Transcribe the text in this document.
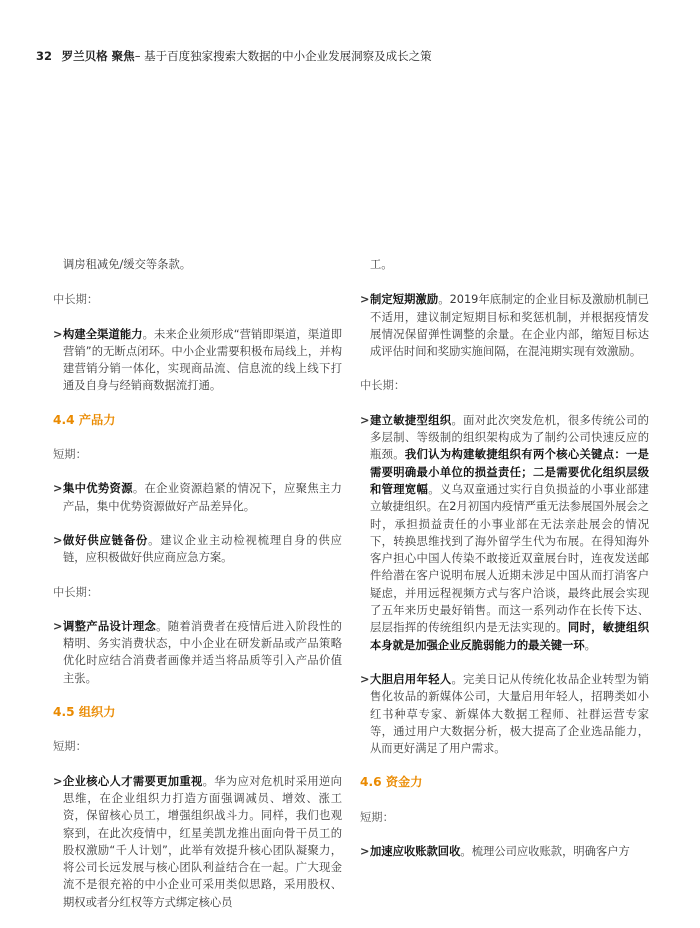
32 罗兰贝格 聚焦– 基于百度独家搜索大数据的中小企业发展洞察及成长之策

调房租减免/缓交等条款。

中长期：

> 构建全渠道能力。未来企业须形成“营销即渠道，渠道即营销”的无断点闭环。中小企业需要积极布局线上，并构建营销分销一体化，实现商品流、信息流的线上线下打通及自身与经销商数据流打通。

4.4 产品力

短期：

> 集中优势资源。在企业资源趋紧的情况下，应聚焦主力产品，集中优势资源做好产品差异化。
> 做好供应链备份。建议企业主动检视梳理自身的供应链，应积极做好供应商应急方案。

中长期：

> 调整产品设计理念。随着消费者在疫情后进入阶段性的精明、务实消费状态，中小企业在研发新品或产品策略优化时应结合消费者画像并适当将品质等引入产品价值主张。

4.5 组织力

短期：

> 企业核心人才需要更加重视。华为应对危机时采用逆向思维，在企业组织力打造方面强调减员、增效、涨工资，保留核心员工，增强组织战斗力。同样，我们也观察到，在此次疫情中，红星美凯龙推出面向骨干员工的股权激励“千人计划”，此举有效提升核心团队凝聚力，将公司长远发展与核心团队利益结合在一起。广大现金流不是很充裕的中小企业可采用类似思路，采用股权、期权或者分红权等方式绑定核心员

工。

> 制定短期激励。2019年底制定的企业目标及激励机制已不适用，建议制定短期目标和奖惩机制，并根据疫情发展情况保留弹性调整的余量。在企业内部，缩短目标达成评估时间和奖励实施间隔，在混沌期实现有效激励。

中长期：

> 建立敏捷型组织。面对此次突发危机，很多传统公司的多层制、等级制的组织架构成为了制约公司快速反应的瓶颈。我们认为构建敏捷组织有两个核心关键点：一是需要明确最小单位的损益责任；二是需要优化组织层级和管理宽幅。义乌双童通过实行自负损益的小事业部建立敏捷组织。在2月初国内疫情严重无法参展国外展会之时，承担损益责任的小事业部在无法亲赴展会的情况下，转换思维找到了海外留学生代为布展。在得知海外客户担心中国人传染不敢接近双童展台时，连夜发送邮件给潜在客户说明布展人近期未涉足中国从而打消客户疑虑，并用远程视频方式与客户洽谈，最终此展会实现了五年来历史最好销售。而这一系列动作在长传下达、层层指挥的传统组织内是无法实现的。同时，敏捷组织本身就是加强企业反脆弱能力的最关键一环。
> 大胆启用年轻人。完美日记从传统化妆品企业转型为销售化妆品的新媒体公司，大量启用年轻人，招聘类如小红书种草专家、新媒体大数据工程师、社群运营专家等，通过用户大数据分析，极大提高了企业选品能力，从而更好满足了用户需求。

4.6 资金力

短期：

> 加速应收账款回收。梳理公司应收账款，明确客户方
